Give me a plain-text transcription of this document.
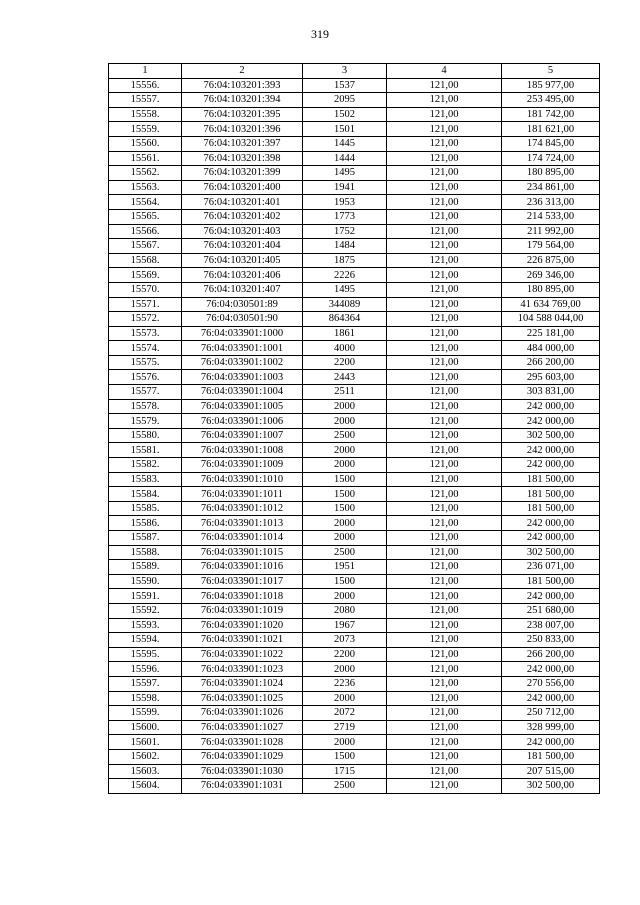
319
1	2	3	4	5
15556.	76:04:103201:393	1537	121,00	185 977,00
15557.	76:04:103201:394	2095	121,00	253 495,00
15558.	76:04:103201:395	1502	121,00	181 742,00
15559.	76:04:103201:396	1501	121,00	181 621,00
15560.	76:04:103201:397	1445	121,00	174 845,00
15561.	76:04:103201:398	1444	121,00	174 724,00
15562.	76:04:103201:399	1495	121,00	180 895,00
15563.	76:04:103201:400	1941	121,00	234 861,00
15564.	76:04:103201:401	1953	121,00	236 313,00
15565.	76:04:103201:402	1773	121,00	214 533,00
15566.	76:04:103201:403	1752	121,00	211 992,00
15567.	76:04:103201:404	1484	121,00	179 564,00
15568.	76:04:103201:405	1875	121,00	226 875,00
15569.	76:04:103201:406	2226	121,00	269 346,00
15570.	76:04:103201:407	1495	121,00	180 895,00
15571.	76:04:030501:89	344089	121,00	41 634 769,00
15572.	76:04:030501:90	864364	121,00	104 588 044,00
15573.	76:04:033901:1000	1861	121,00	225 181,00
15574.	76:04:033901:1001	4000	121,00	484 000,00
15575.	76:04:033901:1002	2200	121,00	266 200,00
15576.	76:04:033901:1003	2443	121,00	295 603,00
15577.	76:04:033901:1004	2511	121,00	303 831,00
15578.	76:04:033901:1005	2000	121,00	242 000,00
15579.	76:04:033901:1006	2000	121,00	242 000,00
15580.	76:04:033901:1007	2500	121,00	302 500,00
15581.	76:04:033901:1008	2000	121,00	242 000,00
15582.	76:04:033901:1009	2000	121,00	242 000,00
15583.	76:04:033901:1010	1500	121,00	181 500,00
15584.	76:04:033901:1011	1500	121,00	181 500,00
15585.	76:04:033901:1012	1500	121,00	181 500,00
15586.	76:04:033901:1013	2000	121,00	242 000,00
15587.	76:04:033901:1014	2000	121,00	242 000,00
15588.	76:04:033901:1015	2500	121,00	302 500,00
15589.	76:04:033901:1016	1951	121,00	236 071,00
15590.	76:04:033901:1017	1500	121,00	181 500,00
15591.	76:04:033901:1018	2000	121,00	242 000,00
15592.	76:04:033901:1019	2080	121,00	251 680,00
15593.	76:04:033901:1020	1967	121,00	238 007,00
15594.	76:04:033901:1021	2073	121,00	250 833,00
15595.	76:04:033901:1022	2200	121,00	266 200,00
15596.	76:04:033901:1023	2000	121,00	242 000,00
15597.	76:04:033901:1024	2236	121,00	270 556,00
15598.	76:04:033901:1025	2000	121,00	242 000,00
15599.	76:04:033901:1026	2072	121,00	250 712,00
15600.	76:04:033901:1027	2719	121,00	328 999,00
15601.	76:04:033901:1028	2000	121,00	242 000,00
15602.	76:04:033901:1029	1500	121,00	181 500,00
15603.	76:04:033901:1030	1715	121,00	207 515,00
15604.	76:04:033901:1031	2500	121,00	302 500,00
